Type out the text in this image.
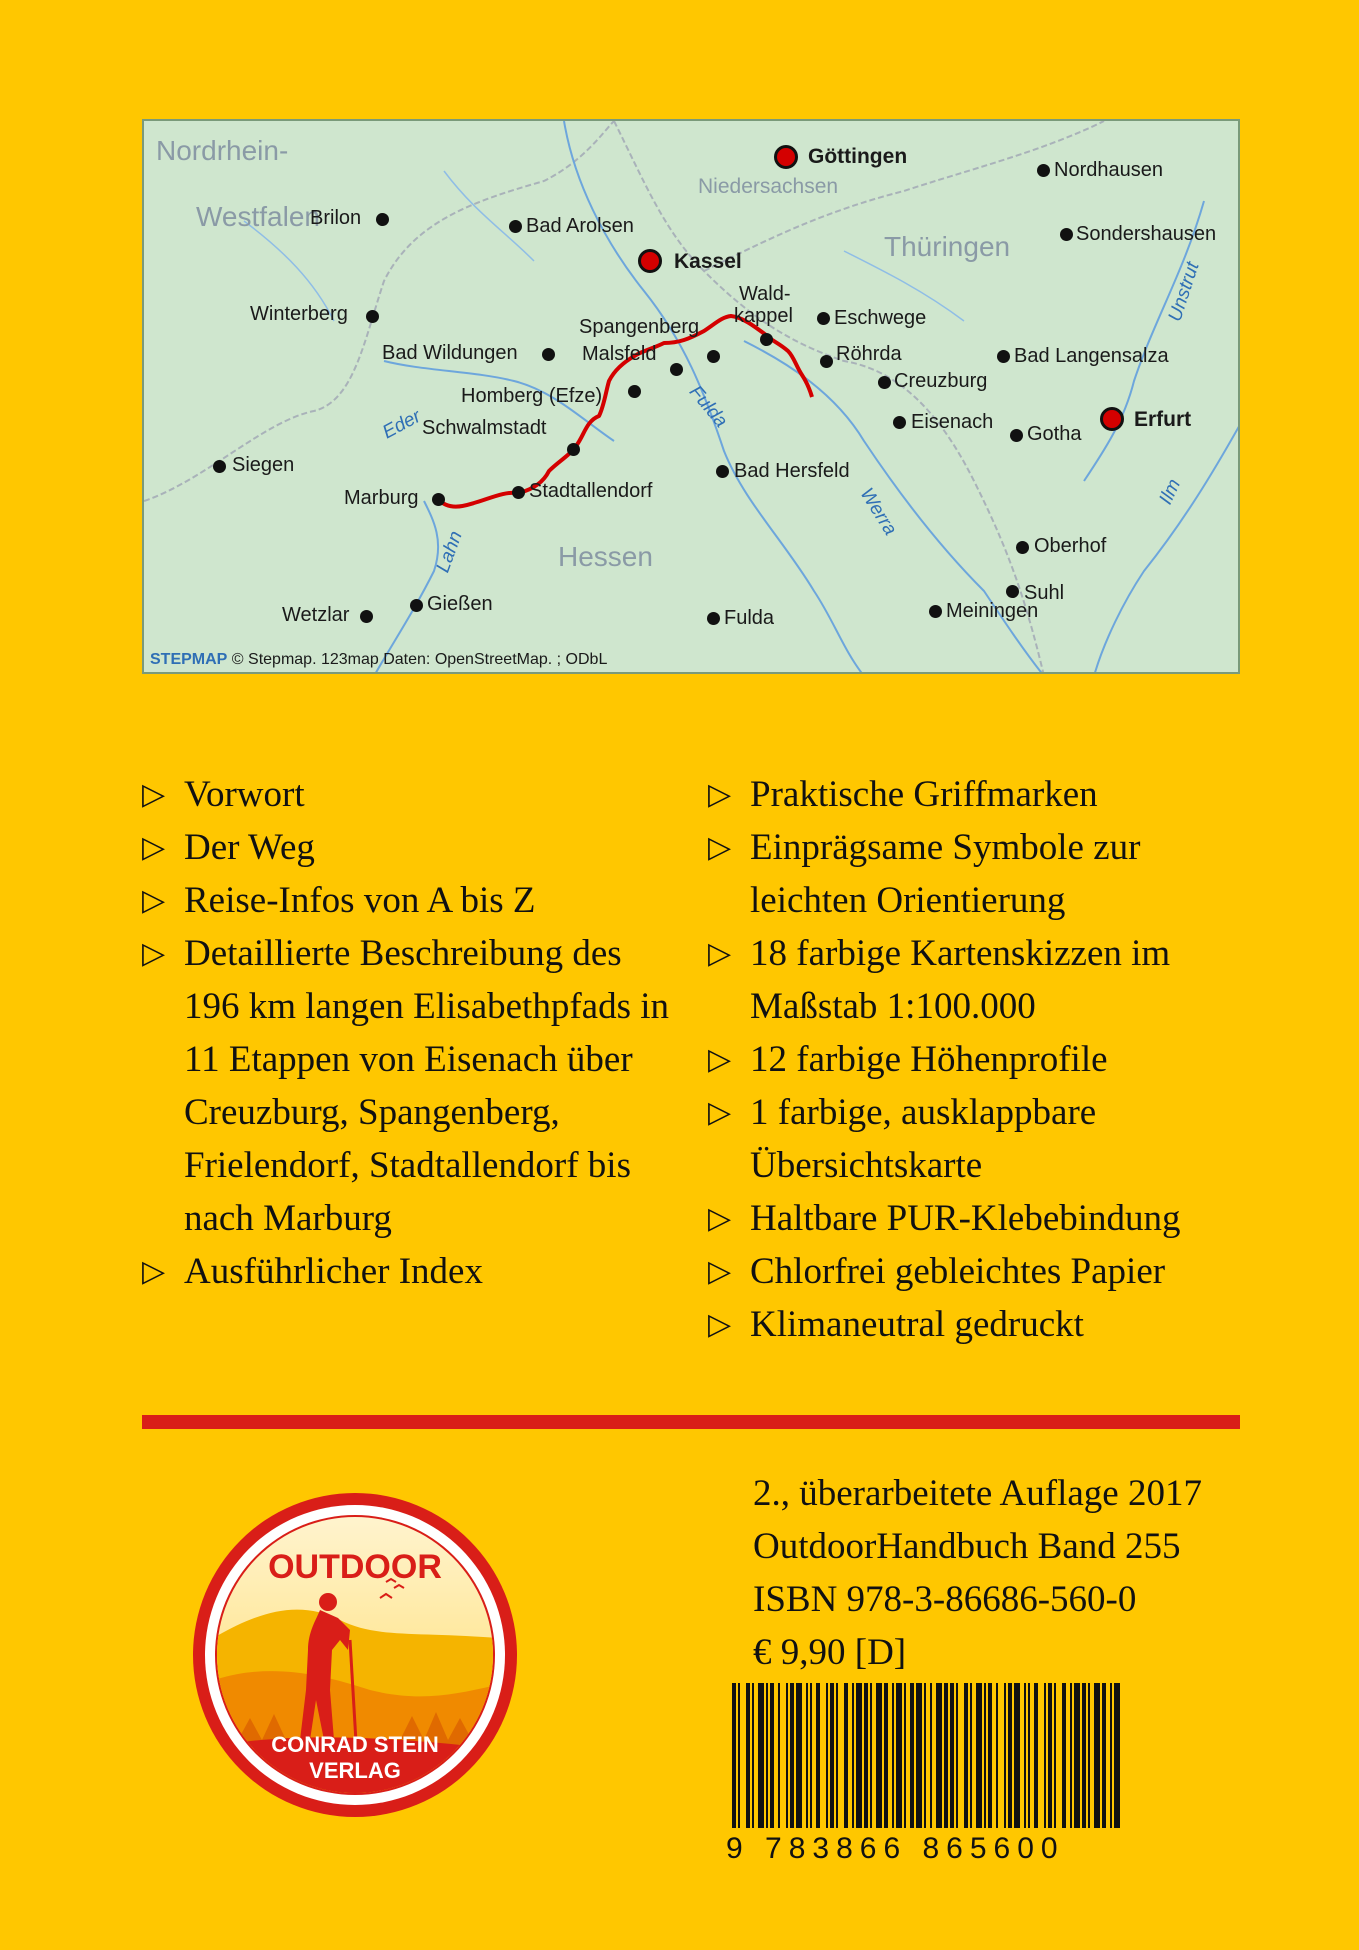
Nordrhein-
Westfalen
Niedersachsen
Thüringen
Hessen
Eder	Fulda
Lahn
Werra
Unstrut
Ilm
Göttingen
Kassel
Erfurt
Nordhausen
Sondershausen
Brilon	Bad Arolsen
Winterberg
Bad Wildungen
Spangenberg
Wald-
kappel Eschwege
Malsfeld	Röhrda	Bad Langensalza
Creuzburg
Homberg (Efze)
Eisenach
Gotha
Schwalmstadt
Siegen	Bad Hersfeld
Marburg	Stadtallendorf
Oberhof
Suhl
Wetzlar	Gießen
Fulda	Meiningen
STEPMAP © Stepmap. 123map Daten: OpenStreetMap. ; ODbL
▷ Vorwort
▷ Der Weg
▷ Reise-Infos von A bis Z
▷ Detaillierte Beschreibung des 196 km langen Elisabethpfads in 11 Etappen von Eisenach über Creuzburg, Spangenberg, Frielendorf, Stadtallendorf bis nach Marburg
▷ Ausführlicher Index
▷ Praktische Griffmarken
▷ Einprägsame Symbole zur leichten Orientierung
▷ 18 farbige Kartenskizzen im Maßstab 1:100.000
▷ 12 farbige Höhenprofile
▷ 1 farbige, ausklappbare Übersichtskarte
▷ Haltbare PUR-Klebebindung
▷ Chlorfrei gebleichtes Papier
▷ Klimaneutral gedruckt
2., überarbeitete Auflage 2017
OutdoorHandbuch Band 255
ISBN 978-3-86686-560-0
€ 9,90 [D]
OUTDOOR
CONRAD STEIN
VERLAG
9 783866 865600
